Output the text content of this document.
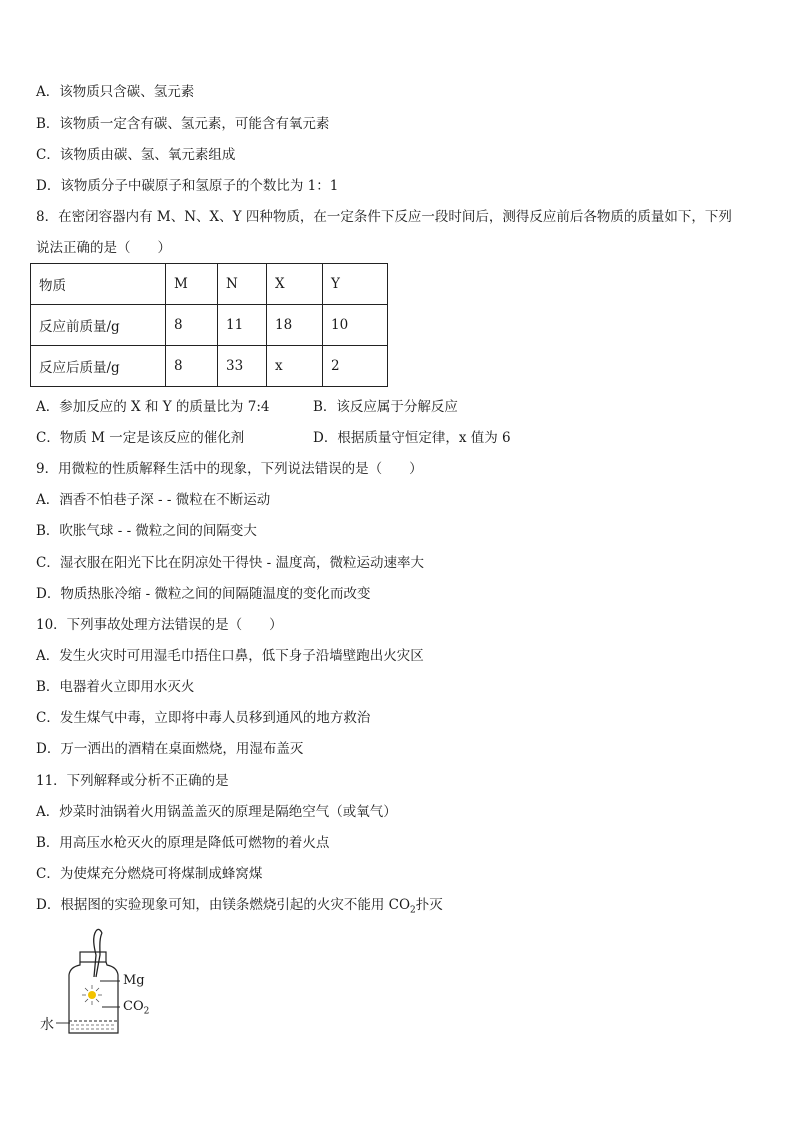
A．该物质只含碳、氢元素
B．该物质一定含有碳、氢元素，可能含有氧元素
C．该物质由碳、氢、氧元素组成
D．该物质分子中碳原子和氢原子的个数比为 1：1
8．在密闭容器内有 M、N、X、Y 四种物质，在一定条件下反应一段时间后，测得反应前后各物质的质量如下，下列
说法正确的是（　　）
物质	M	N	X	Y
反应前质量/g	8	11	18	10
反应后质量/g	8	33	x	2
A．参加反应的 X 和 Y 的质量比为 7:4	B．该反应属于分解反应
C．物质 M 一定是该反应的催化剂	D．根据质量守恒定律，x 值为 6
9．用微粒的性质解释生活中的现象，下列说法错误的是（　　）
A．酒香不怕巷子深 - - 微粒在不断运动
B．吹胀气球 - - 微粒之间的间隔变大
C．湿衣服在阳光下比在阴凉处干得快 - 温度高，微粒运动速率大
D．物质热胀冷缩 - 微粒之间的间隔随温度的变化而改变
10．下列事故处理方法错误的是（　　）
A．发生火灾时可用湿毛巾捂住口鼻，低下身子沿墙壁跑出火灾区
B．电器着火立即用水灭火
C．发生煤气中毒，立即将中毒人员移到通风的地方救治
D．万一洒出的酒精在桌面燃烧，用湿布盖灭
11．下列解释或分析不正确的是
A．炒菜时油锅着火用锅盖盖灭的原理是隔绝空气（或氧气）
B．用高压水枪灭火的原理是降低可燃物的着火点
C．为使煤充分燃烧可将煤制成蜂窝煤
D．根据图的实验现象可知，由镁条燃烧引起的火灾不能用 $CO_2$扑灭
Mg
$CO_2$
水
